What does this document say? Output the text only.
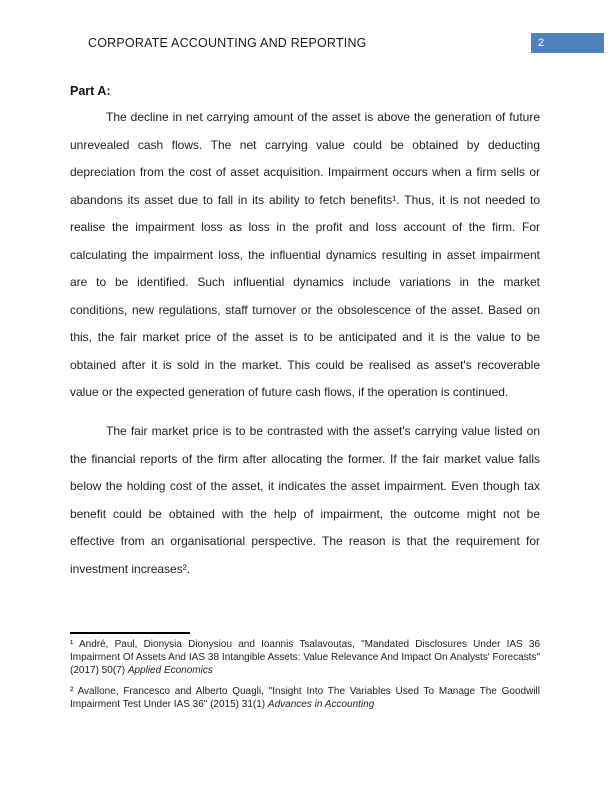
CORPORATE ACCOUNTING AND REPORTING	2
Part A:
The decline in net carrying amount of the asset is above the generation of future unrevealed cash flows. The net carrying value could be obtained by deducting depreciation from the cost of asset acquisition. Impairment occurs when a firm sells or abandons its asset due to fall in its ability to fetch benefits¹. Thus, it is not needed to realise the impairment loss as loss in the profit and loss account of the firm. For calculating the impairment loss, the influential dynamics resulting in asset impairment are to be identified. Such influential dynamics include variations in the market conditions, new regulations, staff turnover or the obsolescence of the asset. Based on this, the fair market price of the asset is to be anticipated and it is the value to be obtained after it is sold in the market. This could be realised as asset's recoverable value or the expected generation of future cash flows, if the operation is continued.
The fair market price is to be contrasted with the asset's carrying value listed on the financial reports of the firm after allocating the former. If the fair market value falls below the holding cost of the asset, it indicates the asset impairment. Even though tax benefit could be obtained with the help of impairment, the outcome might not be effective from an organisational perspective. The reason is that the requirement for investment increases².
¹ André, Paul, Dionysia Dionysiou and Ioannis Tsalavoutas, "Mandated Disclosures Under IAS 36 Impairment Of Assets And IAS 38 Intangible Assets: Value Relevance And Impact On Analysts' Forecasts" (2017) 50(7) Applied Economics
² Avallone, Francesco and Alberto Quagli, "Insight Into The Variables Used To Manage The Goodwill Impairment Test Under IAS 36" (2015) 31(1) Advances in Accounting
